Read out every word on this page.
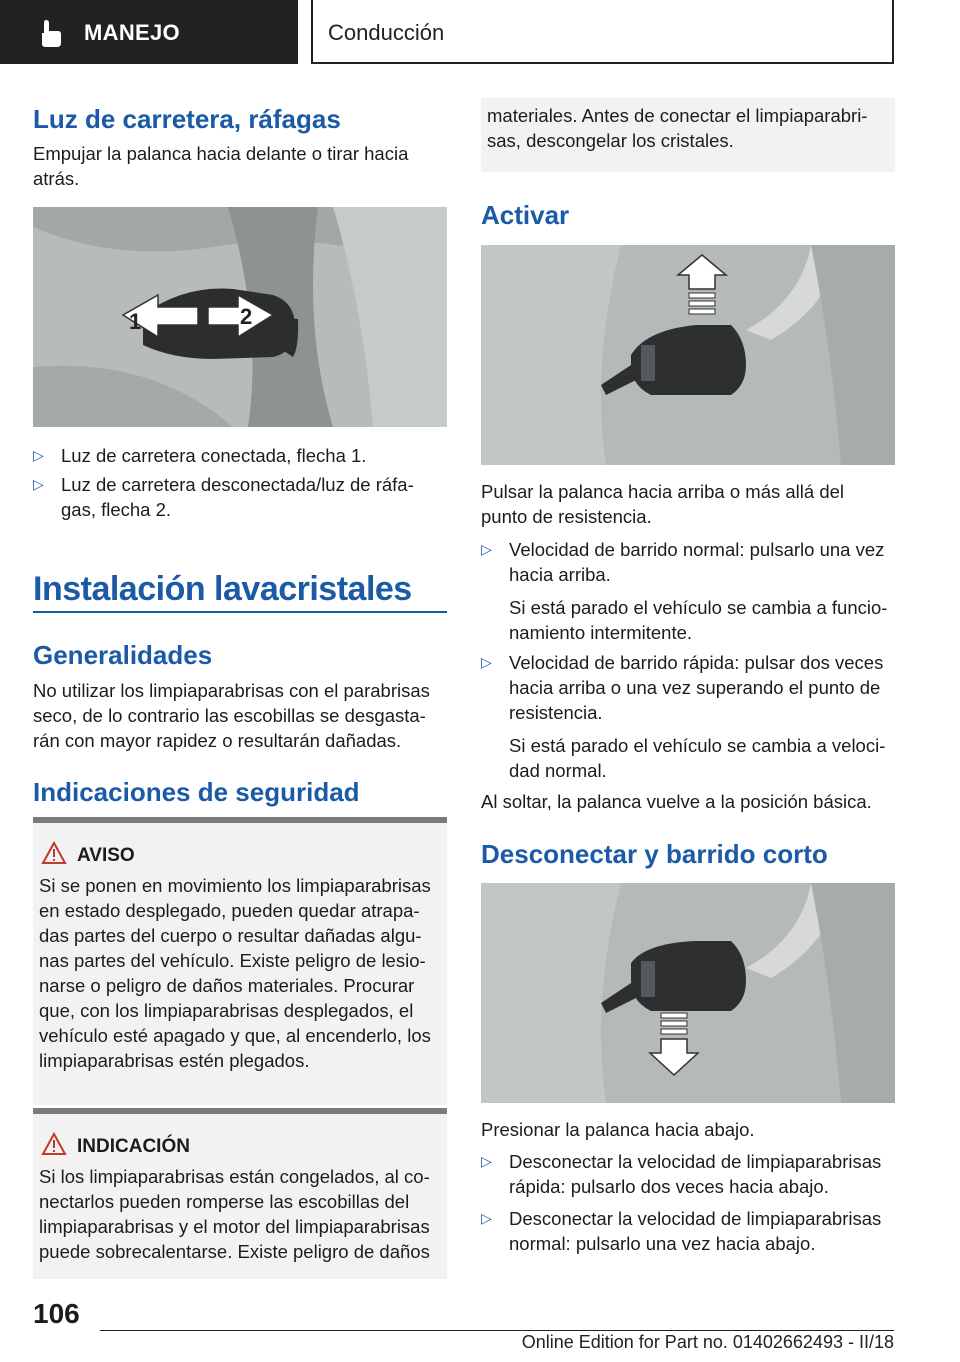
MANEJO	Conducción
Luz de carretera, ráfagas
Empujar la palanca hacia delante o tirar hacia atrás.
1	2
▷ Luz de carretera conectada, flecha 1.
▷ Luz de carretera desconectada/luz de ráfa-gas, flecha 2.
Instalación lavacristales
Generalidades
No utilizar los limpiaparabrisas con el parabrisas seco, de lo contrario las escobillas se desgasta-rán con mayor rapidez o resultarán dañadas.
Indicaciones de seguridad
AVISO
Si se ponen en movimiento los limpiaparabrisas en estado desplegado, pueden quedar atrapa-das partes del cuerpo o resultar dañadas algu-nas partes del vehículo. Existe peligro de lesio-narse o peligro de daños materiales. Procurar que, con los limpiaparabrisas desplegados, el vehículo esté apagado y que, al encenderlo, los limpiaparabrisas estén plegados.
INDICACIÓN
Si los limpiaparabrisas están congelados, al co-nectarlos pueden romperse las escobillas del limpiaparabrisas y el motor del limpiaparabrisas puede sobrecalentarse. Existe peligro de daños
materiales. Antes de conectar el limpiaparabri-sas, descongelar los cristales.
Activar
Pulsar la palanca hacia arriba o más allá del punto de resistencia.
▷ Velocidad de barrido normal: pulsarlo una vez hacia arriba.
Si está parado el vehículo se cambia a funcio-namiento intermitente.
▷ Velocidad de barrido rápida: pulsar dos veces hacia arriba o una vez superando el punto de resistencia.
Si está parado el vehículo se cambia a veloci-dad normal.
Al soltar, la palanca vuelve a la posición básica.
Desconectar y barrido corto
Presionar la palanca hacia abajo.
▷ Desconectar la velocidad de limpiaparabrisas rápida: pulsarlo dos veces hacia abajo.
▷ Desconectar la velocidad de limpiaparabrisas normal: pulsarlo una vez hacia abajo.
106
Online Edition for Part no. 01402662493 - II/18
